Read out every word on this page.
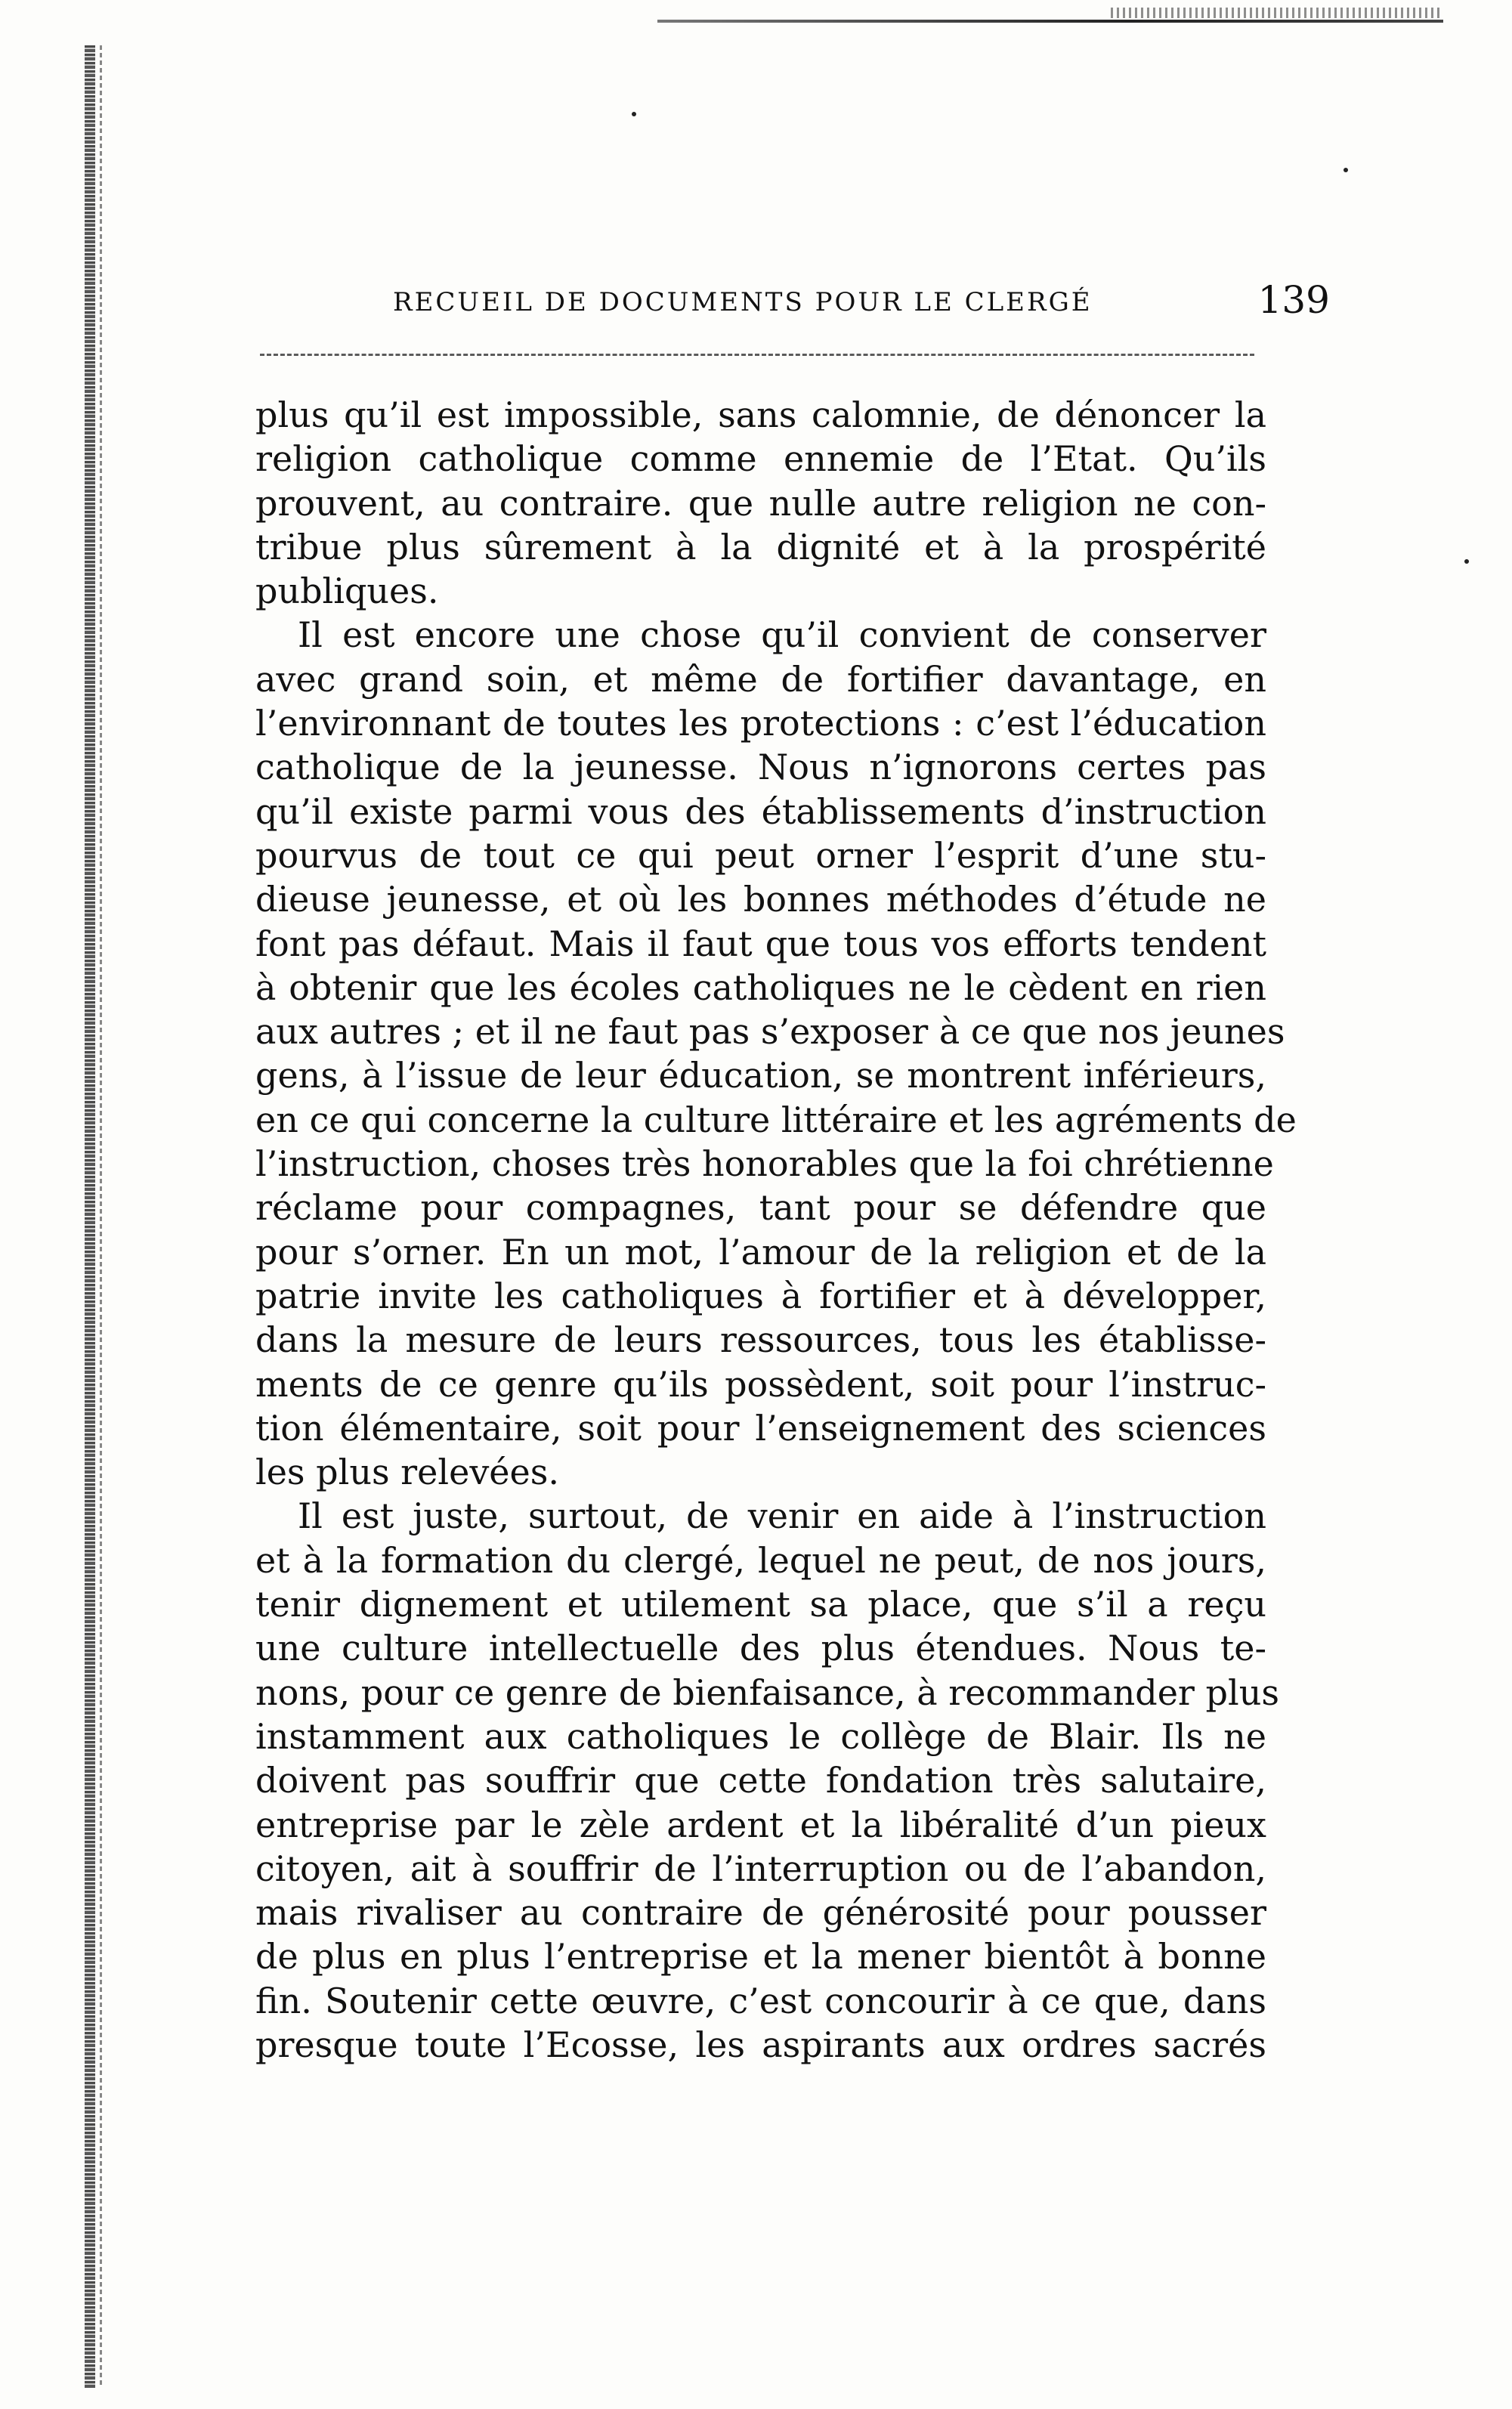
RECUEIL DE DOCUMENTS POUR LE CLERGÉ	139
plus qu’il est impossible, sans calomnie, de dénoncer la
religion catholique comme ennemie de l’Etat. Qu’ils
prouvent, au contraire. que nulle autre religion ne con-
tribue plus sûrement à la dignité et à la prospérité
publiques.
Il est encore une chose qu’il convient de conserver
avec grand soin, et même de fortifier davantage, en
l’environnant de toutes les protections : c’est l’éducation
catholique de la jeunesse. Nous n’ignorons certes pas
qu’il existe parmi vous des établissements d’instruction
pourvus de tout ce qui peut orner l’esprit d’une stu-
dieuse jeunesse, et où les bonnes méthodes d’étude ne
font pas défaut. Mais il faut que tous vos efforts tendent
à obtenir que les écoles catholiques ne le cèdent en rien
aux autres ; et il ne faut pas s’exposer à ce que nos jeunes
gens, à l’issue de leur éducation, se montrent inférieurs,
en ce qui concerne la culture littéraire et les agréments de
l’instruction, choses très honorables que la foi chrétienne
réclame pour compagnes, tant pour se défendre que
pour s’orner. En un mot, l’amour de la religion et de la
patrie invite les catholiques à fortifier et à développer,
dans la mesure de leurs ressources, tous les établisse-
ments de ce genre qu’ils possèdent, soit pour l’instruc-
tion élémentaire, soit pour l’enseignement des sciences
les plus relevées.
Il est juste, surtout, de venir en aide à l’instruction
et à la formation du clergé, lequel ne peut, de nos jours,
tenir dignement et utilement sa place, que s’il a reçu
une culture intellectuelle des plus étendues. Nous te-
nons, pour ce genre de bienfaisance, à recommander plus
instamment aux catholiques le collège de Blair. Ils ne
doivent pas souffrir que cette fondation très salutaire,
entreprise par le zèle ardent et la libéralité d’un pieux
citoyen, ait à souffrir de l’interruption ou de l’abandon,
mais rivaliser au contraire de générosité pour pousser
de plus en plus l’entreprise et la mener bientôt à bonne
fin. Soutenir cette œuvre, c’est concourir à ce que, dans
presque toute l’Ecosse, les aspirants aux ordres sacrés
